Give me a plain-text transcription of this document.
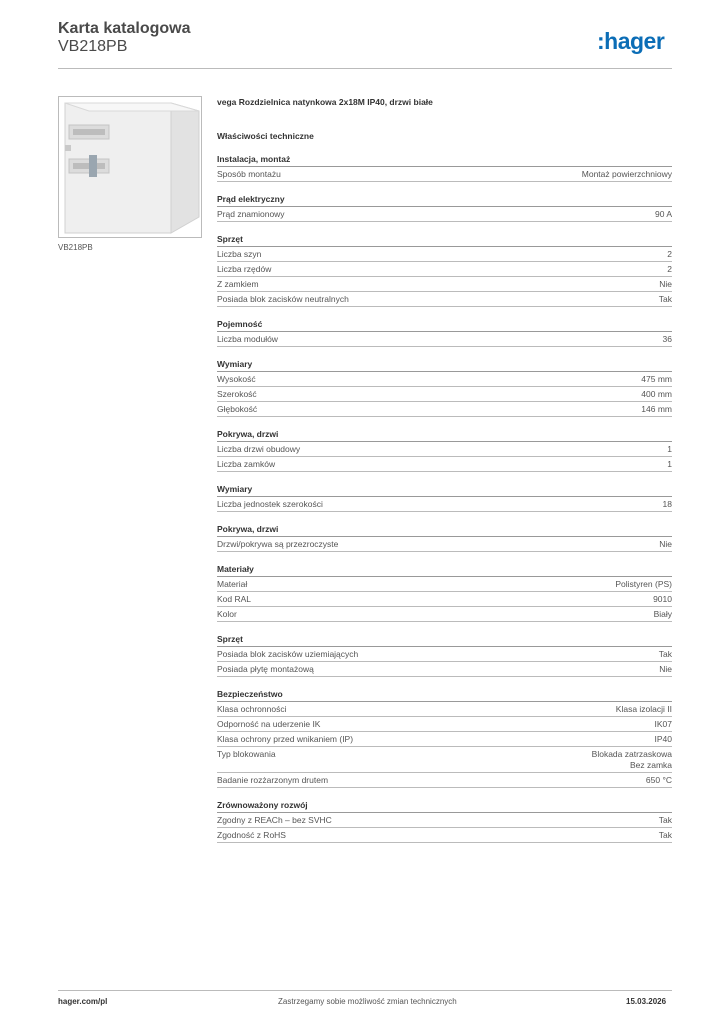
Karta katalogowa
VB218PB	:hager
VB218PB
vega Rozdzielnica natynkowa 2x18M IP40, drzwi białe
Właściwości techniczne
Instalacja, montaż
Sposób montażu	Montaż powierzchniowy
Prąd elektryczny
Prąd znamionowy	90 A
Sprzęt
Liczba szyn	2
Liczba rzędów	2
Z zamkiem	Nie
Posiada blok zacisków neutralnych	Tak
Pojemność
Liczba modułów	36
Wymiary
Wysokość	475 mm
Szerokość	400 mm
Głębokość	146 mm
Pokrywa, drzwi
Liczba drzwi obudowy	1
Liczba zamków	1
Wymiary
Liczba jednostek szerokości	18
Pokrywa, drzwi
Drzwi/pokrywa są przezroczyste	Nie
Materiały
Materiał	Polistyren (PS)
Kod RAL	9010
Kolor	Biały
Sprzęt
Posiada blok zacisków uziemiających	Tak
Posiada płytę montażową	Nie
Bezpieczeństwo
Klasa ochronności	Klasa izolacji II
Odporność na uderzenie IK	IK07
Klasa ochrony przed wnikaniem (IP)	IP40
Typ blokowania	Blokada zatrzaskowa
Bez zamka
Badanie rozżarzonym drutem	650 °C
Zrównoważony rozwój
Zgodny z REACh – bez SVHC	Tak
Zgodność z RoHS	Tak
hager.com/pl	Zastrzegamy sobie możliwość zmian technicznych	15.03.2026
